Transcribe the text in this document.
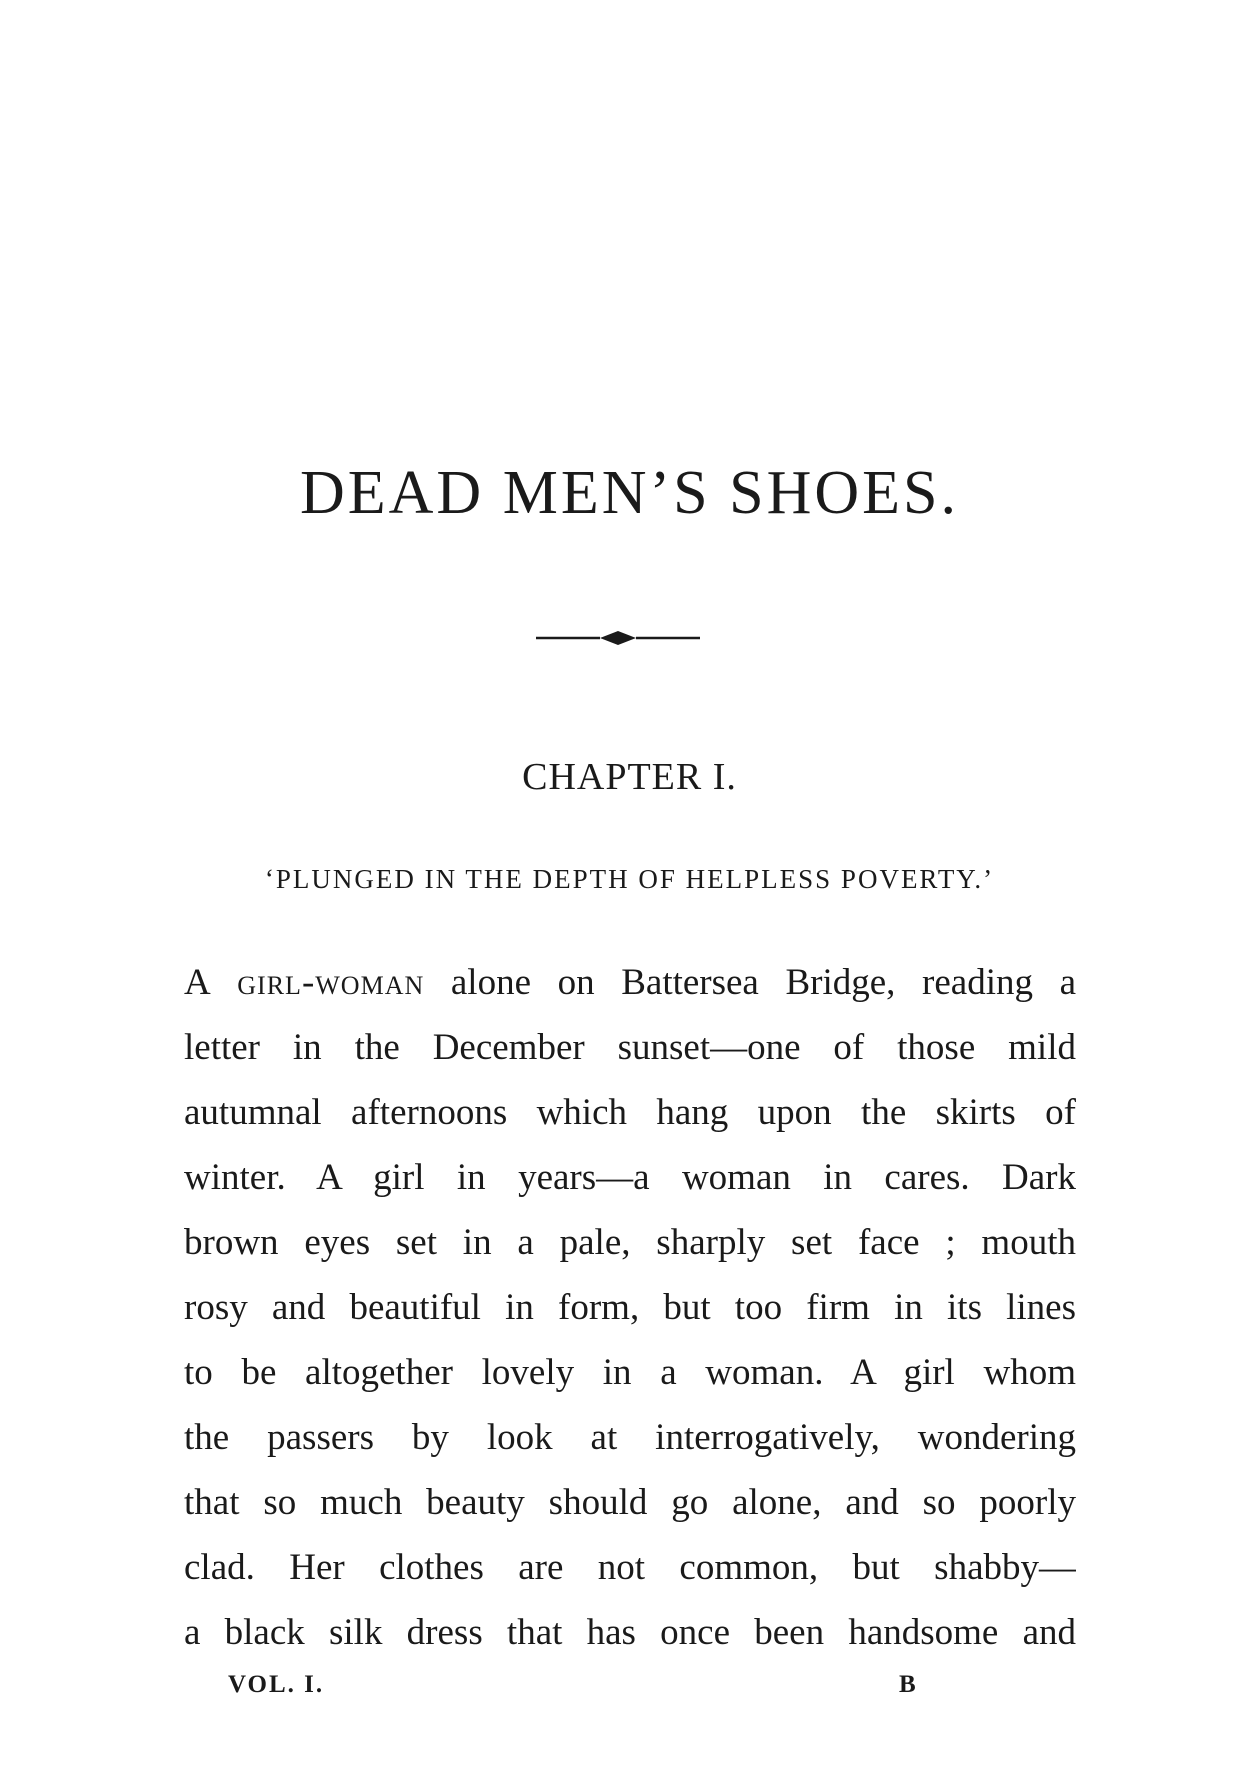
DEAD MEN’S SHOES.
CHAPTER I.

‘PLUNGED IN THE DEPTH OF HELPLESS POVERTY.’

A girl-woman alone on Battersea Bridge, reading a
letter in the December sunset—one of those mild
autumnal afternoons which hang upon the skirts of
winter. A girl in years—a woman in cares. Dark
brown eyes set in a pale, sharply set face ; mouth
rosy and beautiful in form, but too firm in its lines
to be altogether lovely in a woman. A girl whom
the passers by look at interrogatively, wondering
that so much beauty should go alone, and so poorly
clad. Her clothes are not common, but shabby—
a black silk dress that has once been handsome and
VOL. I.	B
